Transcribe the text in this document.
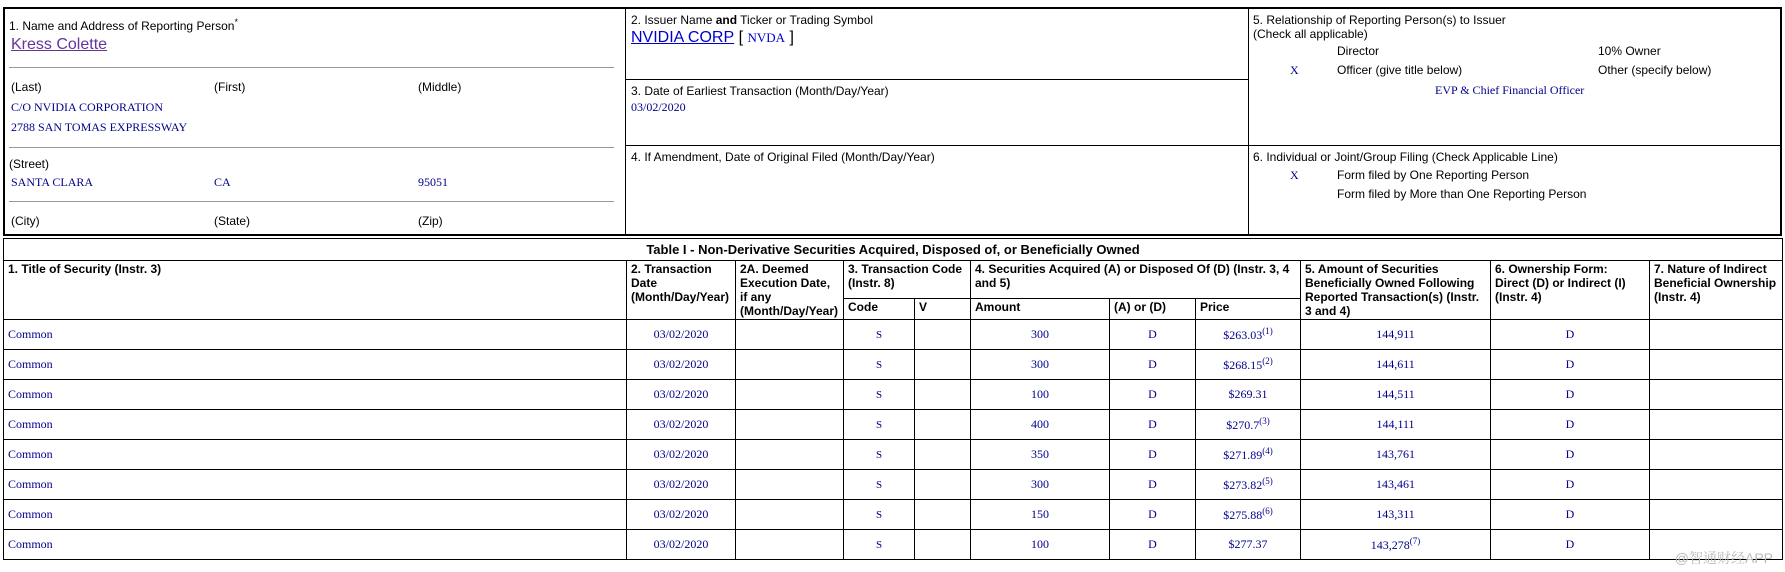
1. Name and Address of Reporting Person*
Kress Colette
(Last)	(First)	(Middle)
C/O NVIDIA CORPORATION
2788 SAN TOMAS EXPRESSWAY
(Street)
SANTA CLARA	CA	95051
(City)	(State)	(Zip)
2. Issuer Name and Ticker or Trading Symbol
NVIDIA CORP [ NVDA ]
3. Date of Earliest Transaction (Month/Day/Year)
03/02/2020
4. If Amendment, Date of Original Filed (Month/Day/Year)
5. Relationship of Reporting Person(s) to Issuer
(Check all applicable)
Director	10% Owner
X	Officer (give title below)	Other (specify below)
EVP & Chief Financial Officer
6. Individual or Joint/Group Filing (Check Applicable Line)
X	Form filed by One Reporting Person
Form filed by More than One Reporting Person
Table I - Non-Derivative Securities Acquired, Disposed of, or Beneficially Owned										
1. Title of Security (Instr. 3)	2. Transaction Date (Month/Day/Year)	2A. Deemed Execution Date, if any (Month/Day/Year)	3. Transaction Code (Instr. 8)		4. Securities Acquired (A) or Disposed Of (D) (Instr. 3, 4 and 5)			5. Amount of Securities Beneficially Owned Following Reported Transaction(s) (Instr. 3 and 4)	6. Ownership Form: Direct (D) or Indirect (I) (Instr. 4)	7. Nature of Indirect Beneficial Ownership (Instr. 4)
			Code	V	Amount	(A) or (D)	Price			
Common	03/02/2020		S		300	D	$263.03$^{(1)}$	144,911	D	
Common	03/02/2020		S		300	D	$268.15$^{(2)}$	144,611	D	
Common	03/02/2020		S		100	D	$269.31	144,511	D	
Common	03/02/2020		S		400	D	$270.7$^{(3)}$	144,111	D	
Common	03/02/2020		S		350	D	$271.89$^{(4)}$	143,761	D	
Common	03/02/2020		S		300	D	$273.82$^{(5)}$	143,461	D	
Common	03/02/2020		S		150	D	$275.88$^{(6)}$	143,311	D	
Common	03/02/2020		S		100	D	$277.37	143,278$^{(7)}$	D	
@智通财经APP
